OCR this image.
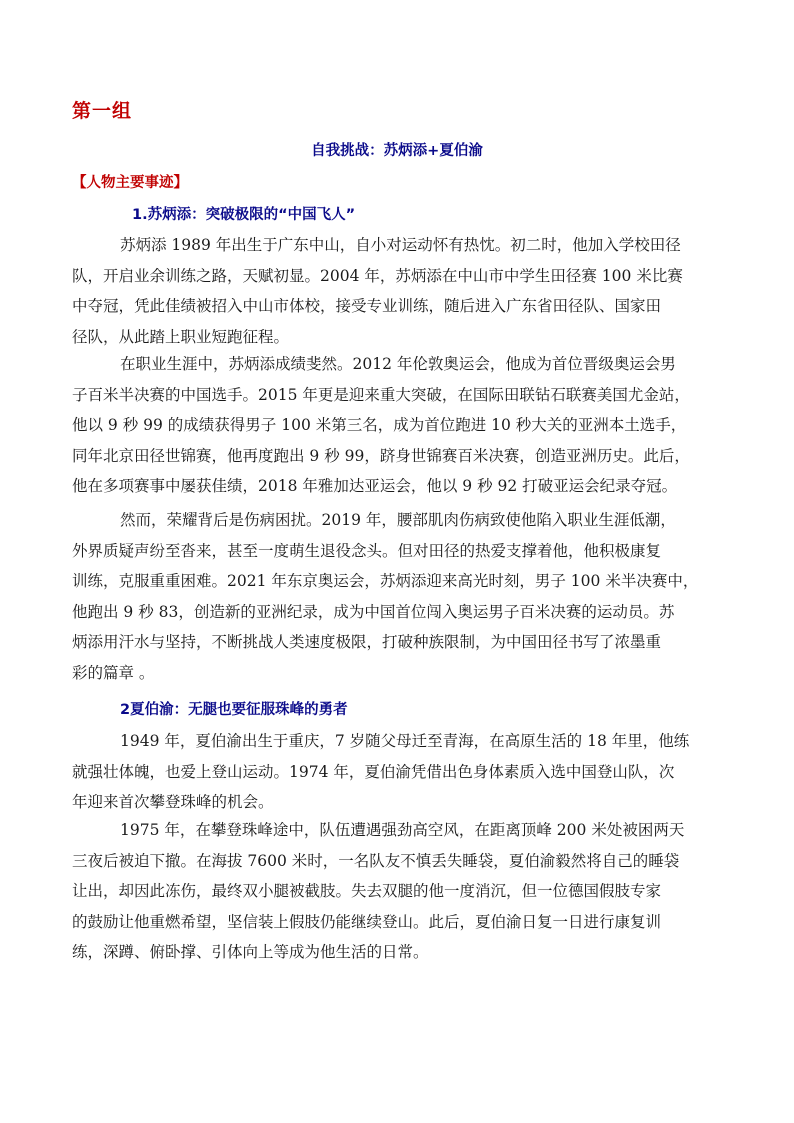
第一组
自我挑战：苏炳添+夏伯渝
【人物主要事迹】
1.苏炳添：突破极限的“中国飞人”
苏炳添 1989 年出生于广东中山，自小对运动怀有热忱。初二时，他加入学校田径
队，开启业余训练之路，天赋初显。2004 年，苏炳添在中山市中学生田径赛 100 米比赛
中夺冠，凭此佳绩被招入中山市体校，接受专业训练，随后进入广东省田径队、国家田
径队，从此踏上职业短跑征程。
在职业生涯中，苏炳添成绩斐然。2012 年伦敦奥运会，他成为首位晋级奥运会男
子百米半决赛的中国选手。2015 年更是迎来重大突破，在国际田联钻石联赛美国尤金站，
他以 9 秒 99 的成绩获得男子 100 米第三名，成为首位跑进 10 秒大关的亚洲本土选手，
同年北京田径世锦赛，他再度跑出 9 秒 99，跻身世锦赛百米决赛，创造亚洲历史。此后，
他在多项赛事中屡获佳绩，2018 年雅加达亚运会，他以 9 秒 92 打破亚运会纪录夺冠。
然而，荣耀背后是伤病困扰。2019 年，腰部肌肉伤病致使他陷入职业生涯低潮，
外界质疑声纷至沓来，甚至一度萌生退役念头。但对田径的热爱支撑着他，他积极康复
训练，克服重重困难。2021 年东京奥运会，苏炳添迎来高光时刻，男子 100 米半决赛中，
他跑出 9 秒 83，创造新的亚洲纪录，成为中国首位闯入奥运男子百米决赛的运动员。苏
炳添用汗水与坚持，不断挑战人类速度极限，打破种族限制，为中国田径书写了浓墨重
彩的篇章 。
2夏伯渝：无腿也要征服珠峰的勇者
1949 年，夏伯渝出生于重庆，7 岁随父母迁至青海，在高原生活的 18 年里，他练
就强壮体魄，也爱上登山运动。1974 年，夏伯渝凭借出色身体素质入选中国登山队，次
年迎来首次攀登珠峰的机会。
1975 年，在攀登珠峰途中，队伍遭遇强劲高空风，在距离顶峰 200 米处被困两天
三夜后被迫下撤。在海拔 7600 米时，一名队友不慎丢失睡袋，夏伯渝毅然将自己的睡袋
让出，却因此冻伤，最终双小腿被截肢。失去双腿的他一度消沉，但一位德国假肢专家
的鼓励让他重燃希望，坚信装上假肢仍能继续登山。此后，夏伯渝日复一日进行康复训
练，深蹲、俯卧撑、引体向上等成为他生活的日常。
